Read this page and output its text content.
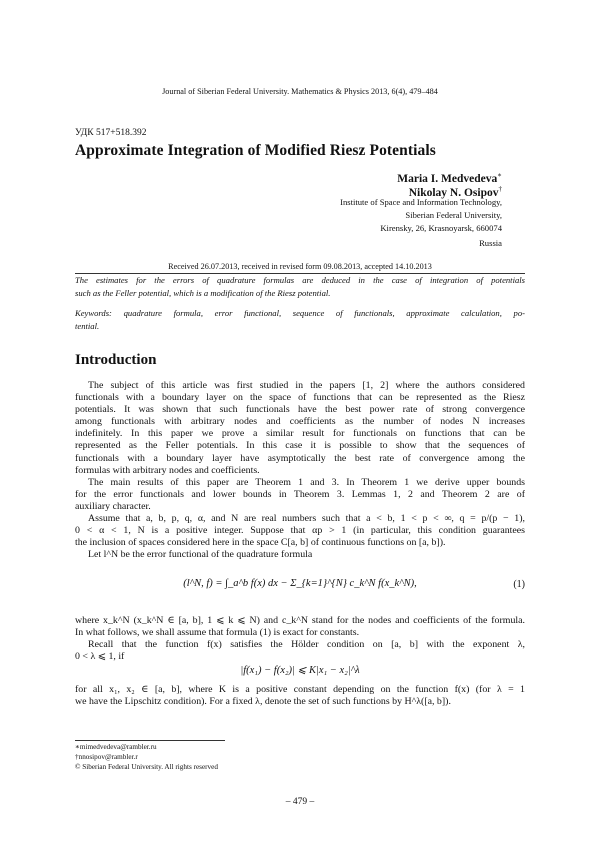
Journal of Siberian Federal University. Mathematics & Physics 2013, 6(4), 479–484
УДК 517+518.392
Approximate Integration of Modified Riesz Potentials
Maria I. Medvedeva∗
Nikolay N. Osipov†
Institute of Space and Information Technology,
Siberian Federal University,
Kirensky, 26, Krasnoyarsk, 660074
Russia
Received 26.07.2013, received in revised form 09.08.2013, accepted 14.10.2013
The estimates for the errors of quadrature formulas are deduced in the case of integration of potentials
such as the Feller potential, which is a modification of the Riesz potential.
Keywords: quadrature formula, error functional, sequence of functionals, approximate calculation, po-
tential.
Introduction
The subject of this article was first studied in the papers [1, 2] where the authors considered
functionals with a boundary layer on the space of functions that can be represented as the Riesz
potentials. It was shown that such functionals have the best power rate of strong convergence
among functionals with arbitrary nodes and coefficients as the number of nodes N increases
indefinitely. In this paper we prove a similar result for functionals on functions that can be
represented as the Feller potentials. In this case it is possible to show that the sequences of
functionals with a boundary layer have asymptotically the best rate of convergence among the
formulas with arbitrary nodes and coefficients.
The main results of this paper are Theorem 1 and 3. In Theorem 1 we derive upper bounds
for the error functionals and lower bounds in Theorem 3. Lemmas 1, 2 and Theorem 2 are of
auxiliary character.
Assume that a, b, p, q, α, and N are real numbers such that a < b, 1 < p < ∞, q = p/(p − 1),
0 < α < 1, N is a positive integer. Suppose that αp > 1 (in particular, this condition guarantees
the inclusion of spaces considered here in the space C[a, b] of continuous functions on [a, b]).
Let l^N be the error functional of the quadrature formula
(l^N, f) = ∫_a^b f(x) dx − Σ_{k=1}^{N} c_k^N f(x_k^N),	(1)
where x_k^N (x_k^N ∈ [a, b], 1 ⩽ k ⩽ N) and c_k^N stand for the nodes and coefficients of the formula.
In what follows, we shall assume that formula (1) is exact for constants.
Recall that the function f(x) satisfies the Hölder condition on [a, b] with the exponent λ,
0 < λ ⩽ 1, if
|f(x₁) − f(x₂)| ⩽ K|x₁ − x₂|^λ
for all x₁, x₂ ∈ [a, b], where K is a positive constant depending on the function f(x) (for λ = 1
we have the Lipschitz condition). For a fixed λ, denote the set of such functions by H^λ([a, b]).
∗mimedvedeva@rambler.ru
†nnosipov@rambler.r
© Siberian Federal University. All rights reserved
– 479 –
